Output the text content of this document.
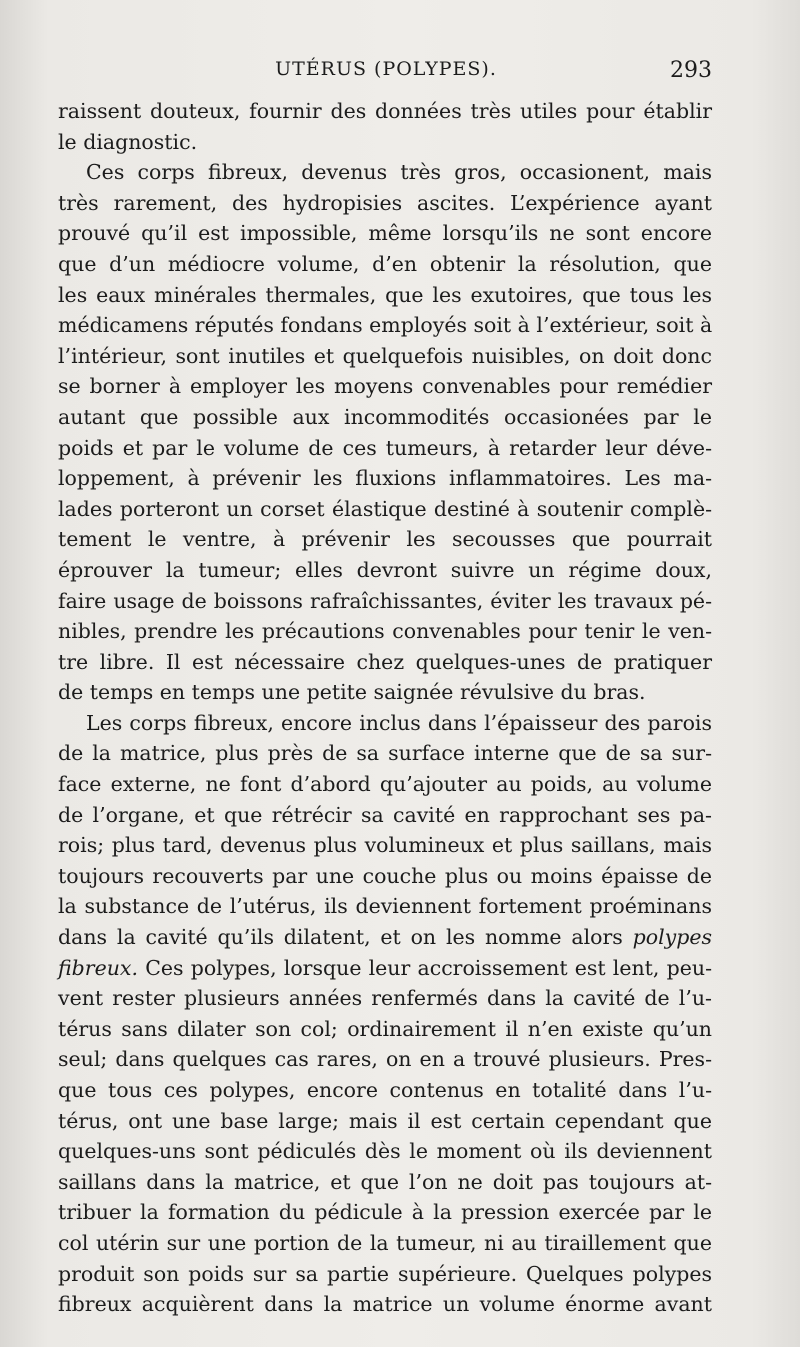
UTÉRUS (POLYPES).	293
raissent douteux, fournir des données très utiles pour établir
le diagnostic.
Ces corps fibreux, devenus très gros, occasionent, mais
très rarement, des hydropisies ascites. L’expérience ayant
prouvé qu’il est impossible, même lorsqu’ils ne sont encore
que d’un médiocre volume, d’en obtenir la résolution, que
les eaux minérales thermales, que les exutoires, que tous les
médicamens réputés fondans employés soit à l’extérieur, soit à
l’intérieur, sont inutiles et quelquefois nuisibles, on doit donc
se borner à employer les moyens convenables pour remédier
autant que possible aux incommodités occasionées par le
poids et par le volume de ces tumeurs, à retarder leur déve-
loppement, à prévenir les fluxions inflammatoires. Les ma-
lades porteront un corset élastique destiné à soutenir complè-
tement le ventre, à prévenir les secousses que pourrait
éprouver la tumeur; elles devront suivre un régime doux,
faire usage de boissons rafraîchissantes, éviter les travaux pé-
nibles, prendre les précautions convenables pour tenir le ven-
tre libre. Il est nécessaire chez quelques-unes de pratiquer
de temps en temps une petite saignée révulsive du bras.
Les corps fibreux, encore inclus dans l’épaisseur des parois
de la matrice, plus près de sa surface interne que de sa sur-
face externe, ne font d’abord qu’ajouter au poids, au volume
de l’organe, et que rétrécir sa cavité en rapprochant ses pa-
rois; plus tard, devenus plus volumineux et plus saillans, mais
toujours recouverts par une couche plus ou moins épaisse de
la substance de l’utérus, ils deviennent fortement proéminans
dans la cavité qu’ils dilatent, et on les nomme alors polypes
fibreux. Ces polypes, lorsque leur accroissement est lent, peu-
vent rester plusieurs années renfermés dans la cavité de l’u-
térus sans dilater son col; ordinairement il n’en existe qu’un
seul; dans quelques cas rares, on en a trouvé plusieurs. Pres-
que tous ces polypes, encore contenus en totalité dans l’u-
térus, ont une base large; mais il est certain cependant que
quelques-uns sont pédiculés dès le moment où ils deviennent
saillans dans la matrice, et que l’on ne doit pas toujours at-
tribuer la formation du pédicule à la pression exercée par le
col utérin sur une portion de la tumeur, ni au tiraillement que
produit son poids sur sa partie supérieure. Quelques polypes
fibreux acquièrent dans la matrice un volume énorme avant
